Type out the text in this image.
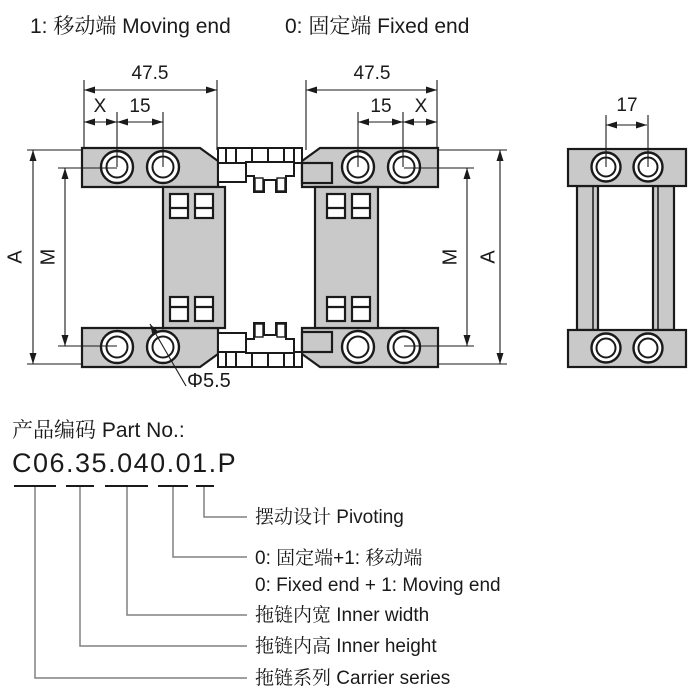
1: 移动端 Moving end	0: 固定端 Fixed end
47.5	47.5
X 15	15 X	17
A M	M A
Φ5.5
产品编码 Part No.:
C06.35.040.01.P
摆动设计 Pivoting
0: 固定端+1: 移动端
0: Fixed end + 1: Moving end
拖链内宽 Inner width
拖链内高 Inner height
拖链系列 Carrier series
